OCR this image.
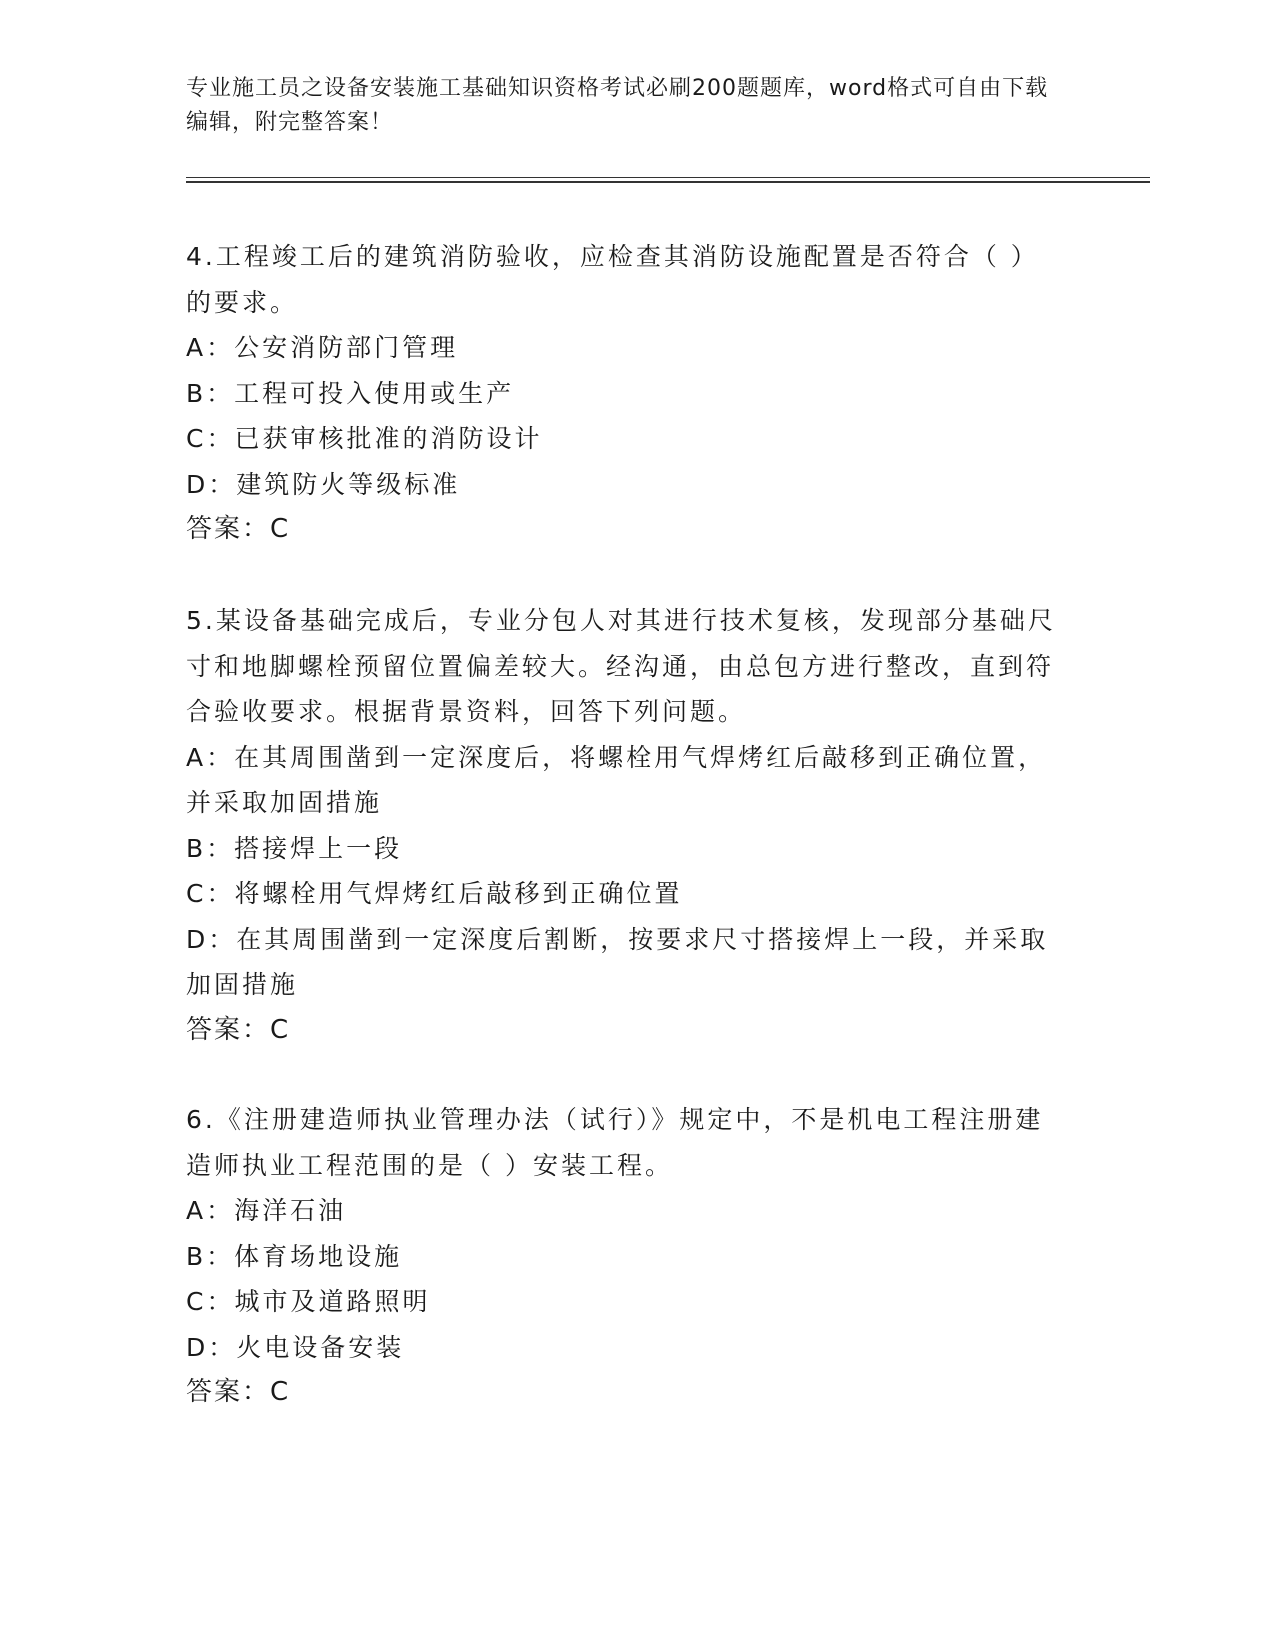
专业施工员之设备安装施工基础知识资格考试必刷200题题库，word格式可自由下载编辑，附完整答案！

4.工程竣工后的建筑消防验收，应检查其消防设施配置是否符合（ ）的要求。

A：公安消防部门管理

B：工程可投入使用或生产

C：已获审核批准的消防设计

D：建筑防火等级标准

答案：C

5.某设备基础完成后，专业分包人对其进行技术复核，发现部分基础尺寸和地脚螺栓预留位置偏差较大。经沟通，由总包方进行整改，直到符合验收要求。根据背景资料，回答下列问题。

A：在其周围凿到一定深度后，将螺栓用气焊烤红后敲移到正确位置，并采取加固措施

B：搭接焊上一段

C：将螺栓用气焊烤红后敲移到正确位置

D：在其周围凿到一定深度后割断，按要求尺寸搭接焊上一段，并采取加固措施

答案：C

6.《注册建造师执业管理办法（试行）》规定中，不是机电工程注册建造师执业工程范围的是（ ）安装工程。

A：海洋石油

B：体育场地设施

C：城市及道路照明

D：火电设备安装

答案：C
